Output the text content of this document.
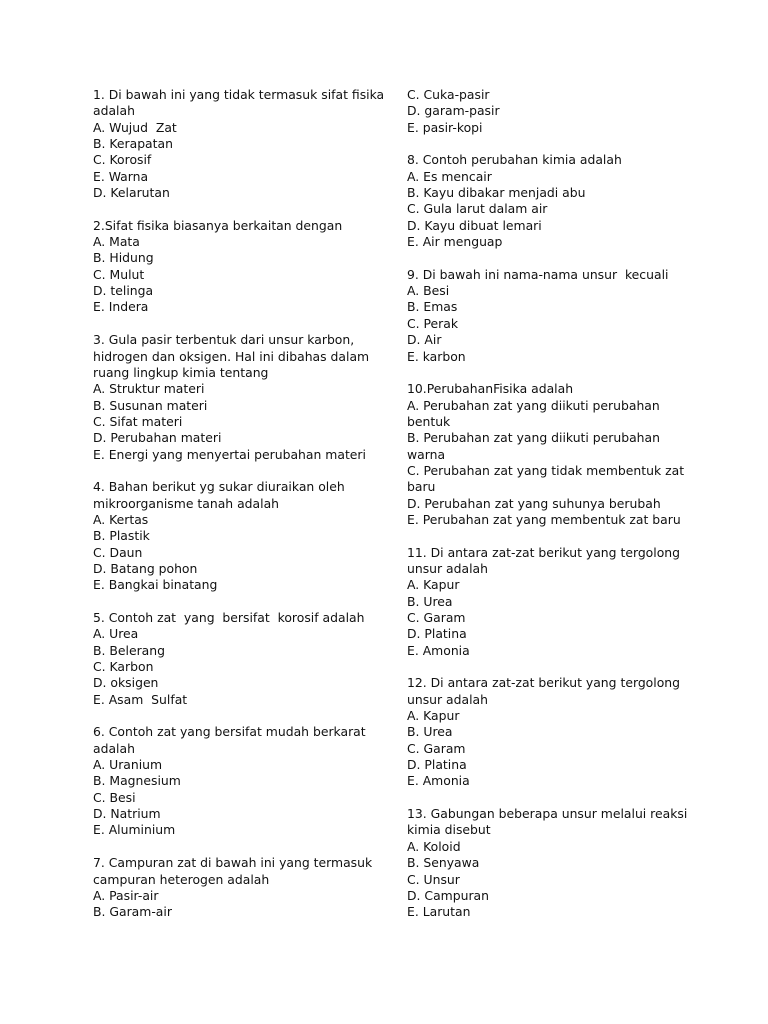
1. Di bawah ini yang tidak termasuk sifat fisika
adalah
A. Wujud  Zat
B. Kerapatan
C. Korosif
E. Warna
D. Kelarutan
2.Sifat fisika biasanya berkaitan dengan
A. Mata
B. Hidung
C. Mulut
D. telinga
E. Indera
3. Gula pasir terbentuk dari unsur karbon,
hidrogen dan oksigen. Hal ini dibahas dalam
ruang lingkup kimia tentang
A. Struktur materi
B. Susunan materi
C. Sifat materi
D. Perubahan materi
E. Energi yang menyertai perubahan materi
4. Bahan berikut yg sukar diuraikan oleh
mikroorganisme tanah adalah
A. Kertas
B. Plastik
C. Daun
D. Batang pohon
E. Bangkai binatang
5. Contoh zat  yang  bersifat  korosif adalah
A. Urea
B. Belerang
C. Karbon
D. oksigen
E. Asam  Sulfat
6. Contoh zat yang bersifat mudah berkarat
adalah
A. Uranium
B. Magnesium
C. Besi
D. Natrium
E. Aluminium
7. Campuran zat di bawah ini yang termasuk
campuran heterogen adalah
A. Pasir-air
B. Garam-air
C. Cuka-pasir
D. garam-pasir
E. pasir-kopi
8. Contoh perubahan kimia adalah
A. Es mencair
B. Kayu dibakar menjadi abu
C. Gula larut dalam air
D. Kayu dibuat lemari
E. Air menguap
9. Di bawah ini nama-nama unsur  kecuali
A. Besi
B. Emas
C. Perak
D. Air
E. karbon
10.PerubahanFisika adalah
A. Perubahan zat yang diikuti perubahan
bentuk
B. Perubahan zat yang diikuti perubahan
warna
C. Perubahan zat yang tidak membentuk zat
baru
D. Perubahan zat yang suhunya berubah
E. Perubahan zat yang membentuk zat baru
11. Di antara zat-zat berikut yang tergolong
unsur adalah
A. Kapur
B. Urea
C. Garam
D. Platina
E. Amonia
12. Di antara zat-zat berikut yang tergolong
unsur adalah
A. Kapur
B. Urea
C. Garam
D. Platina
E. Amonia
13. Gabungan beberapa unsur melalui reaksi
kimia disebut
A. Koloid
B. Senyawa
C. Unsur
D. Campuran
E. Larutan
